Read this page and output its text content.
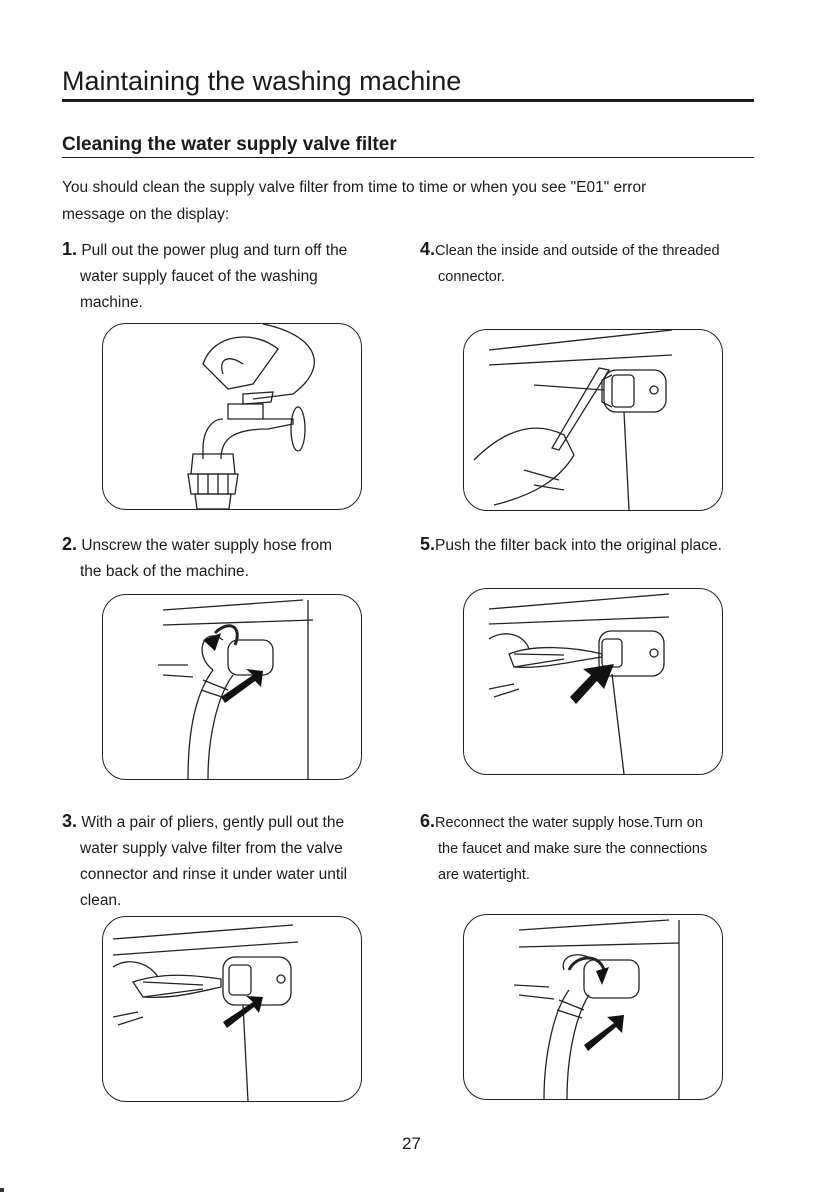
Maintaining the washing machine
Cleaning the water supply valve filter
You should clean the supply valve filter from time to time or when you see "E01" error
message on the display:
1. Pull out the power plug and turn off the
water supply faucet of the washing
machine.
4.Clean the inside and outside of the threaded
connector.
2. Unscrew the water supply hose from
the back of the machine.
5.Push the filter back into the original place.
3. With a pair of pliers, gently pull out the
water supply valve filter from the valve
connector and rinse it under water until
clean.
6.Reconnect the water supply hose.Turn on
the faucet and make sure the connections
are watertight.
27
